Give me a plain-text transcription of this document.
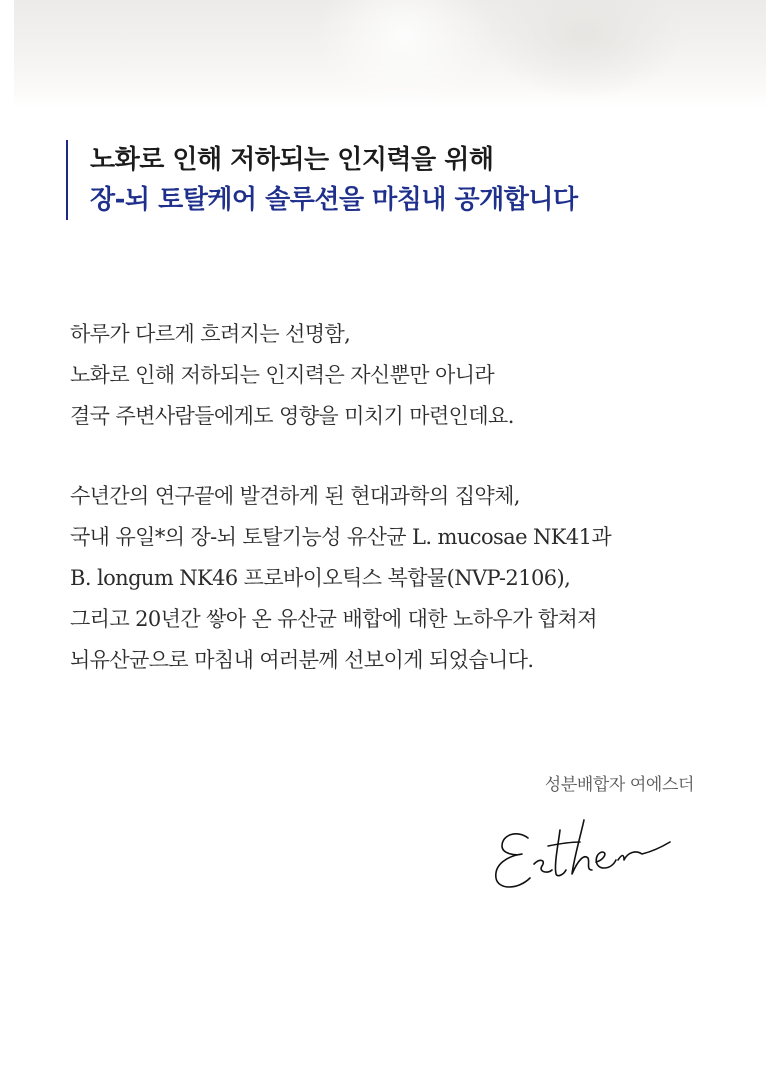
노화로 인해 저하되는 인지력을 위해
장-뇌 토탈케어 솔루션을 마침내 공개합니다
하루가 다르게 흐려지는 선명함,
노화로 인해 저하되는 인지력은 자신뿐만 아니라
결국 주변사람들에게도 영향을 미치기 마련인데요.
수년간의 연구끝에 발견하게 된 현대과학의 집약체,
국내 유일*의 장-뇌 토탈기능성 유산균 L. mucosae NK41과
B. longum NK46 프로바이오틱스 복합물(NVP-2106),
그리고 20년간 쌓아 온 유산균 배합에 대한 노하우가 합쳐져
뇌유산균으로 마침내 여러분께 선보이게 되었습니다.
성분배합자 여에스더
